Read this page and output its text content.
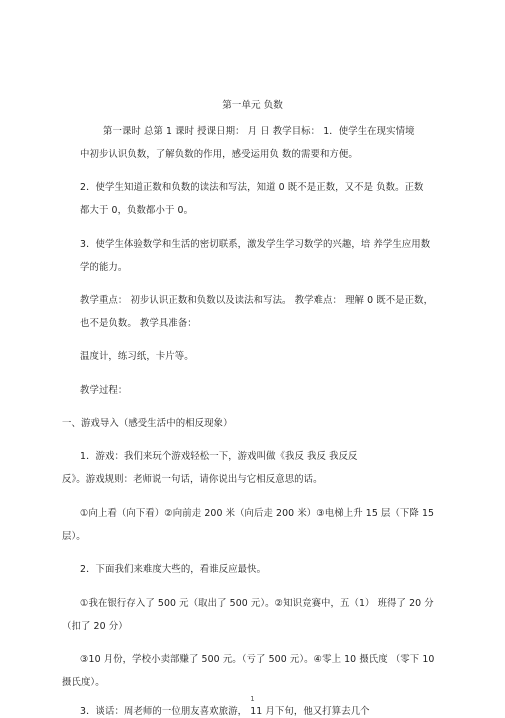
第一单元 负数
第一课时 总第 1 课时 授课日期： 月 日 教学目标： 1．使学生在现实情境
中初步认识负数，了解负数的作用，感受运用负 数的需要和方便。
2．使学生知道正数和负数的读法和写法，知道 0 既不是正数，又不是 负数。正数
都大于 0，负数都小于 0。
3．使学生体验数学和生活的密切联系，激发学生学习数学的兴趣，培 养学生应用数
学的能力。
教学重点： 初步认识正数和负数以及读法和写法。 教学难点： 理解 0 既不是正数，
也不是负数。 教学具准备：
温度计，练习纸，卡片等。
教学过程：
一、游戏导入（感受生活中的相反现象）
1．游戏：我们来玩个游戏轻松一下，游戏叫做《我反 我反 我反反
反》。游戏规则：老师说一句话，请你说出与它相反意思的话。
①向上看（向下看）②向前走 200 米（向后走 200 米）③电梯上升 15 层（下降 15
层）。
2．下面我们来难度大些的，看谁反应最快。
①我在银行存入了 500 元（取出了 500 元）。②知识竞赛中，五（1） 班得了 20 分
（扣了 20 分）
③10 月份，学校小卖部赚了 500 元。（亏了 500 元）。④零上 10 摄氏度 （零下 10
摄氏度）。
3．谈话：周老师的一位朋友喜欢旅游， 11 月下旬，他又打算去几个
1
